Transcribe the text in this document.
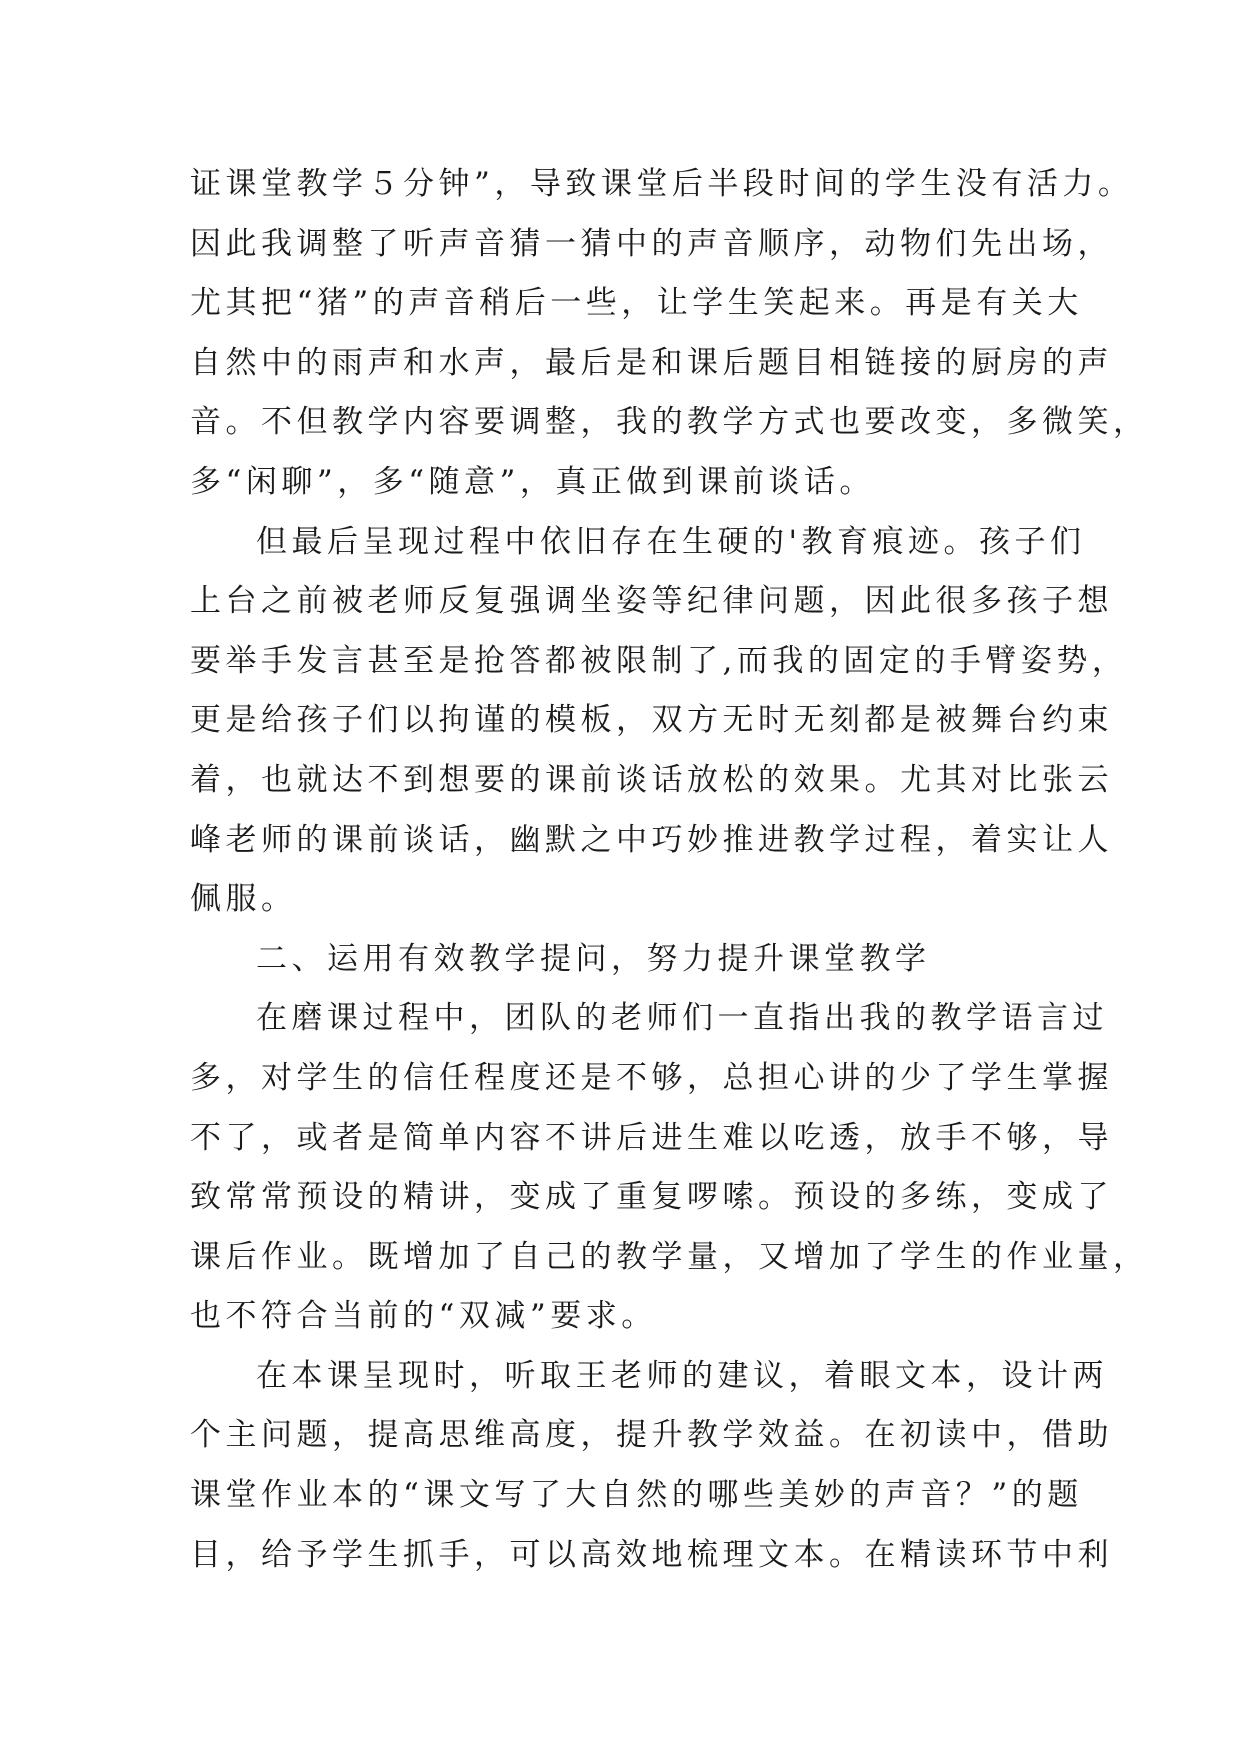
证课堂教学５分钟”，导致课堂后半段时间的学生没有活力。
因此我调整了听声音猜一猜中的声音顺序，动物们先出场，
尤其把“猪”的声音稍后一些，让学生笑起来。再是有关大
自然中的雨声和水声，最后是和课后题目相链接的厨房的声
音。不但教学内容要调整，我的教学方式也要改变，多微笑，
多“闲聊”，多“随意”，真正做到课前谈话。
但最后呈现过程中依旧存在生硬的'教育痕迹。孩子们
上台之前被老师反复强调坐姿等纪律问题，因此很多孩子想
要举手发言甚至是抢答都被限制了,而我的固定的手臂姿势，
更是给孩子们以拘谨的模板，双方无时无刻都是被舞台约束
着，也就达不到想要的课前谈话放松的效果。尤其对比张云
峰老师的课前谈话，幽默之中巧妙推进教学过程，着实让人
佩服。
二、运用有效教学提问，努力提升课堂教学
在磨课过程中，团队的老师们一直指出我的教学语言过
多，对学生的信任程度还是不够，总担心讲的少了学生掌握
不了，或者是简单内容不讲后进生难以吃透，放手不够，导
致常常预设的精讲，变成了重复啰嗦。预设的多练，变成了
课后作业。既增加了自己的教学量，又增加了学生的作业量，
也不符合当前的“双减”要求。
在本课呈现时，听取王老师的建议，着眼文本，设计两
个主问题，提高思维高度，提升教学效益。在初读中，借助
课堂作业本的“课文写了大自然的哪些美妙的声音？”的题
目，给予学生抓手，可以高效地梳理文本。在精读环节中利
